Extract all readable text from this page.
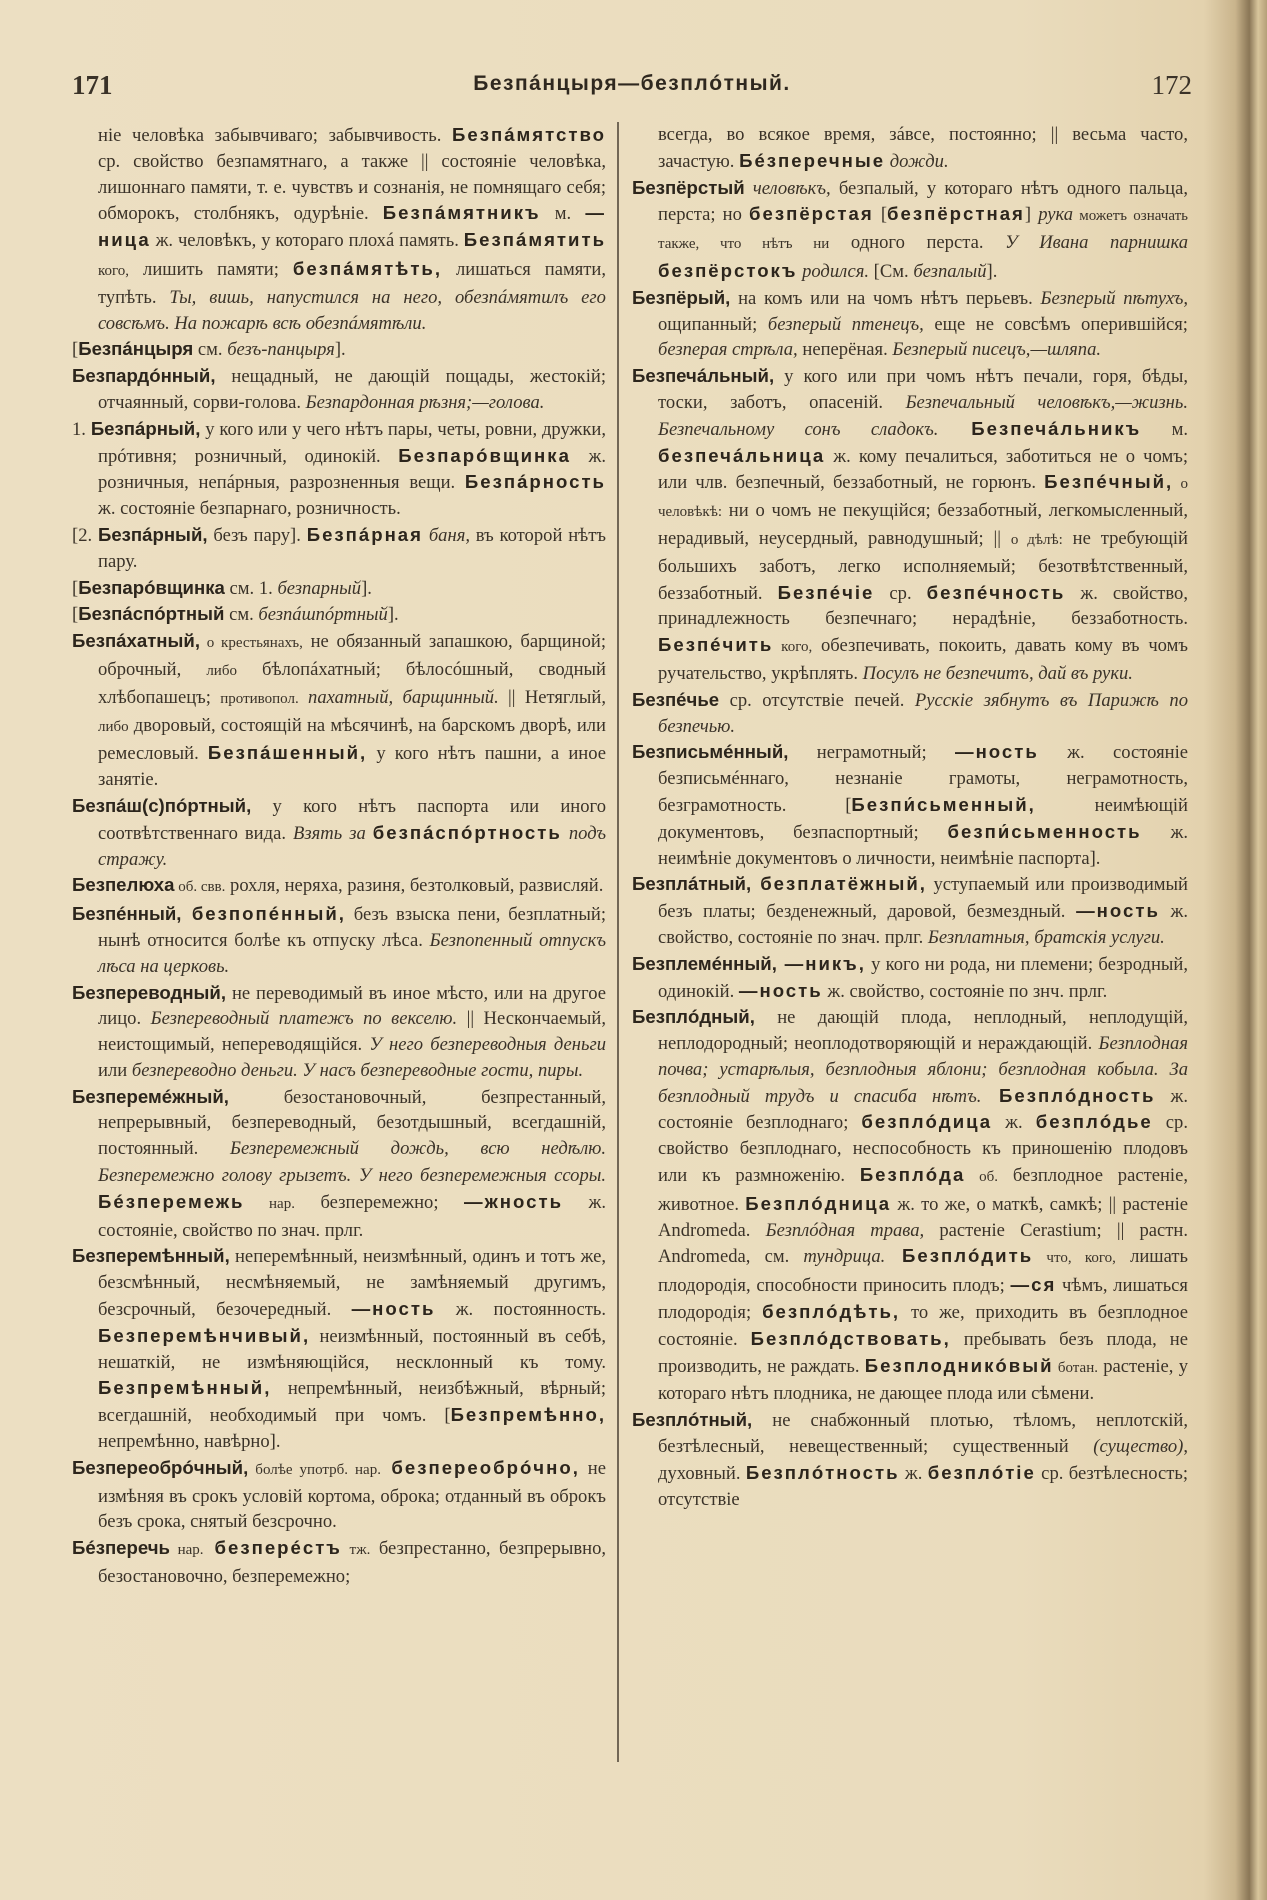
171	Безпáнцыря—безплóтный.	172

ніе человѣка забывчиваго; забывчивость. Безпáмятство ср. свойство безпамятнаго, а также || состояніе человѣка, лишоннаго памяти, т. е. чувствъ и сознанія, не помнящаго себя; обморокъ, столбнякъ, одурѣніе. Безпáмятникъ м. —ница ж. человѣкъ, у котораго плохá память. Безпáмятить кого, лишить памяти; безпáмятѣть, лишаться памяти, тупѣть. Ты, вишь, напустился на него, обезпáмятилъ его совсѣмъ. На пожарѣ всѣ обезпáмятѣли.

[Безпáнцыря см. безъ-панцыря].

Безпардóнный, нещадный, не дающій пощады, жестокій; отчаянный, сорви-голова. Безпардонная рѣзня;—голова.

1. Безпáрный, у кого или у чего нѣтъ пары, четы, ровни, дружки, прóтивня; розничный, одинокій. Безпарóвщинка ж. розничныя, непáрныя, разрозненныя вещи. Безпáрность ж. состояніе безпарнаго, розничность.

[2. Безпáрный, безъ пару]. Безпáрная баня, въ которой нѣтъ пару.

[Безпарóвщинка см. 1. безпарный].

[Безпáспóртный см. безпáшпóртный].

Безпáхатный, о крестьянахъ, не обязанный запашкою, барщиной; оброчный, либо бѣлопáхатный; бѣлосóшный, сводный хлѣбопашецъ; противопол. пахатный, барщинный. || Нетяглый, либо дворовый, состоящій на мѣсячинѣ, на барскомъ дворѣ, или ремесловый. Безпáшенный, у кого нѣтъ пашни, а иное занятіе.

Безпáш(с)пóртный, у кого нѣтъ паспорта или иного соотвѣтственнаго вида. Взять за безпáспóртность подъ стражу.

Безпелюха об. свв. рохля, неряха, разиня, безтолковый, развисляй.

Безпéнный, безпопéнный, безъ взыска пени, безплатный; нынѣ относится болѣе къ отпуску лѣса. Безпопенный отпускъ лѣса на церковь.

Безпереводный, не переводимый въ иное мѣсто, или на другое лицо. Безпереводный платежъ по векселю. || Нескончаемый, неистощимый, непереводящійся. У него безпереводныя деньги или безпереводно деньги. У насъ безпереводные гости, пиры.

Безперемéжный, безостановочный, безпрестанный, непрерывный, безпереводный, безотдышный, всегдашній, постоянный. Безперемежный дождь, всю недѣлю. Безперемежно голову грызетъ. У него безперемежныя ссоры. Бéзперемежь нар. безперемежно; —жность ж. состояніе, свойство по знач. прлг.

Безперемѣнный, неперемѣнный, неизмѣнный, одинъ и тотъ же, безсмѣнный, несмѣняемый, не замѣняемый другимъ, безсрочный, безочередный. —ность ж. постоянность. Безперемѣнчивый, неизмѣнный, постоянный въ себѣ, нешаткій, не измѣняющійся, несклонный къ тому. Безпремѣнный, непремѣнный, неизбѣжный, вѣрный; всегдашній, необходимый при чомъ. [Безпремѣнно, непремѣнно, навѣрно].

Безпереобрóчный, болѣе употрб. нар. безпереобрóчно, не измѣняя въ срокъ условій кортома, оброка; отданный въ оброкъ безъ срока, снятый безсрочно.

Бéзперечь нар. безперéстъ тж. безпрестанно, безпрерывно, безостановочно, безперемежно;

всегда, во всякое время, зáвсе, постоянно; || весьма часто, зачастую. Бéзперечные дожди.

Безпёрстый человѣкъ, безпалый, у котораго нѣтъ одного пальца, перста; но безпёрстая [безпёрстная] рука можетъ означать также, что нѣтъ ни одного перста. У Ивана парнишка безпёрстокъ родился. [См. безпалый].

Безпёрый, на комъ или на чомъ нѣтъ перьевъ. Безперый пѣтухъ, ощипанный; безперый птенецъ, еще не совсѣмъ оперившійся; безперая стрѣла, неперёная. Безперый писецъ,—шляпа.

Безпечáльный, у кого или при чомъ нѣтъ печали, горя, бѣды, тоски, заботъ, опасеній. Безпечальный человѣкъ,—жизнь. Безпечальному сонъ сладокъ. Безпечáльникъ м. безпечáльница ж. кому печалиться, заботиться не о чомъ; или члв. безпечный, беззаботный, не горюнъ. Безпéчный, о человѣкѣ: ни о чомъ не пекущійся; беззаботный, легкомысленный, нерадивый, неусердный, равнодушный; || о дѣлѣ: не требующій большихъ заботъ, легко исполняемый; безотвѣтственный, беззаботный. Безпéчіе ср. безпéчность ж. свойство, принадлежность безпечнаго; нерадѣніе, беззаботность. Безпéчить кого, обезпечивать, покоить, давать кому въ чомъ ручательство, укрѣплять. Посулъ не безпечитъ, дай въ руки.

Безпéчье ср. отсутствіе печей. Русскіе зябнутъ въ Парижѣ по безпечью.

Безписьмéнный, неграмотный; —ность ж. состояніе безписьмéннаго, незнаніе грамоты, неграмотность, безграмотность. [Безпи́сьменный, неимѣющій документовъ, безпаспортный; безпи́сьменность ж. неимѣніе документовъ о личности, неимѣніе паспорта].

Безплáтный, безплатёжный, уступаемый или производимый безъ платы; безденежный, даровой, безмездный. —ность ж. свойство, состояніе по знач. прлг. Безплатныя, братскія услуги.

Безплемéнный, —никъ, у кого ни рода, ни племени; безродный, одинокій. —ность ж. свойство, состояніе по знч. прлг.

Безплóдный, не дающій плода, неплодный, неплодущій, неплодородный; неоплодотворяющій и нераждающій. Безплодная почва; устарѣлыя, безплодныя яблони; безплодная кобыла. За безплодный трудъ и спасиба нѣтъ. Безплóдность ж. состояніе безплоднаго; безплóдица ж. безплóдье ср. свойство безплоднаго, неспособность къ приношенію плодовъ или къ размноженію. Безплóда об. безплодное растеніе, животное. Безплóдница ж. то же, о маткѣ, самкѣ; || растеніе Andromeda. Безплóдная трава, растеніе Cerastium; || растн. Andromeda, см. тундрица. Безплóдить что, кого, лишать плодородія, способности приносить плодъ; —ся чѣмъ, лишаться плодородія; безплóдѣть, то же, приходить въ безплодное состояніе. Безплóдствовать, пребывать безъ плода, не производить, не раждать. Безплодникóвый ботан. растеніе, у котораго нѣтъ плодника, не дающее плода или сѣмени.

Безплóтный, не снабжонный плотью, тѣломъ, неплотскій, безтѣлесный, невещественный; существенный (существо), духовный. Безплóтность ж. безплóтіе ср. безтѣлесность; отсутствіе
